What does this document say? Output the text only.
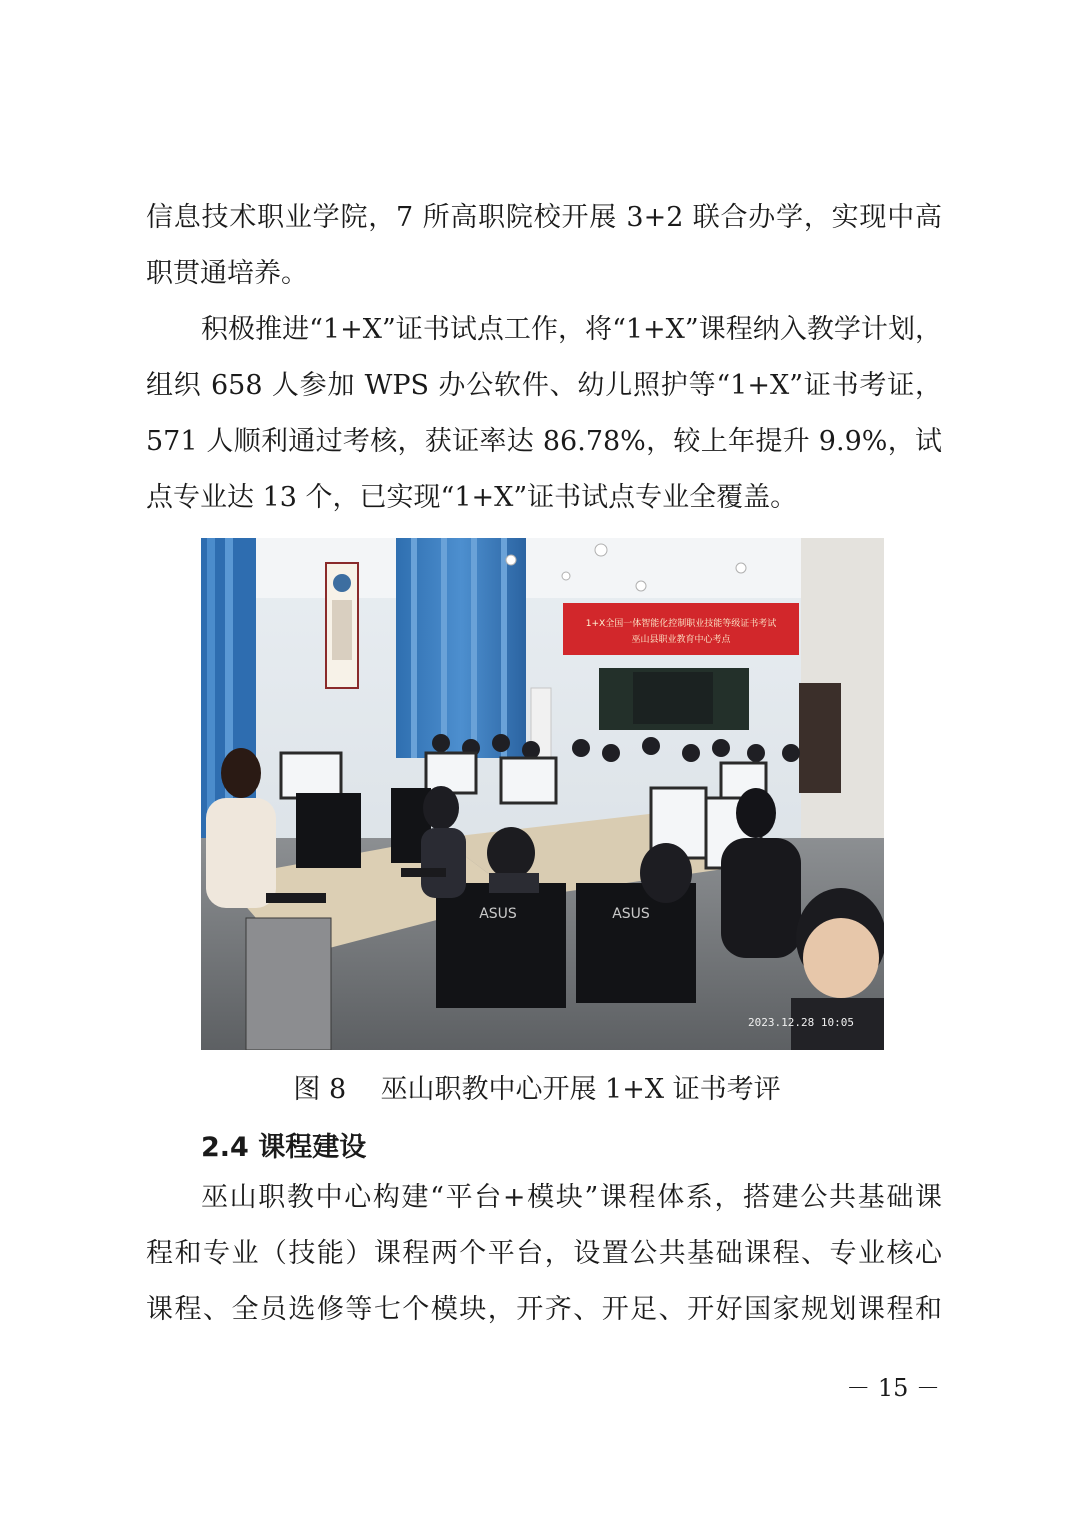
信息技术职业学院，7 所高职院校开展 3+2 联合办学，实现中高
职贯通培养。
积极推进“1+X”证书试点工作，将“1+X”课程纳入教学计划，
组织 658 人参加 WPS 办公软件、幼儿照护等“1+X”证书考证，
571 人顺利通过考核，获证率达 86.78%，较上年提升 9.9%，试
点专业达 13 个，已实现“1+X”证书试点专业全覆盖。
1+X全国一体智能化控制职业技能等级证书考试
巫山县职业教育中心考点
ASUS	ASUS
2023.12.28 10:05
图 8    巫山职教中心开展 1+X 证书考评
2.4 课程建设
巫山职教中心构建“平台+模块”课程体系，搭建公共基础课
程和专业（技能）课程两个平台，设置公共基础课程、专业核心
课程、全员选修等七个模块，开齐、开足、开好国家规划课程和
－ 15 －
